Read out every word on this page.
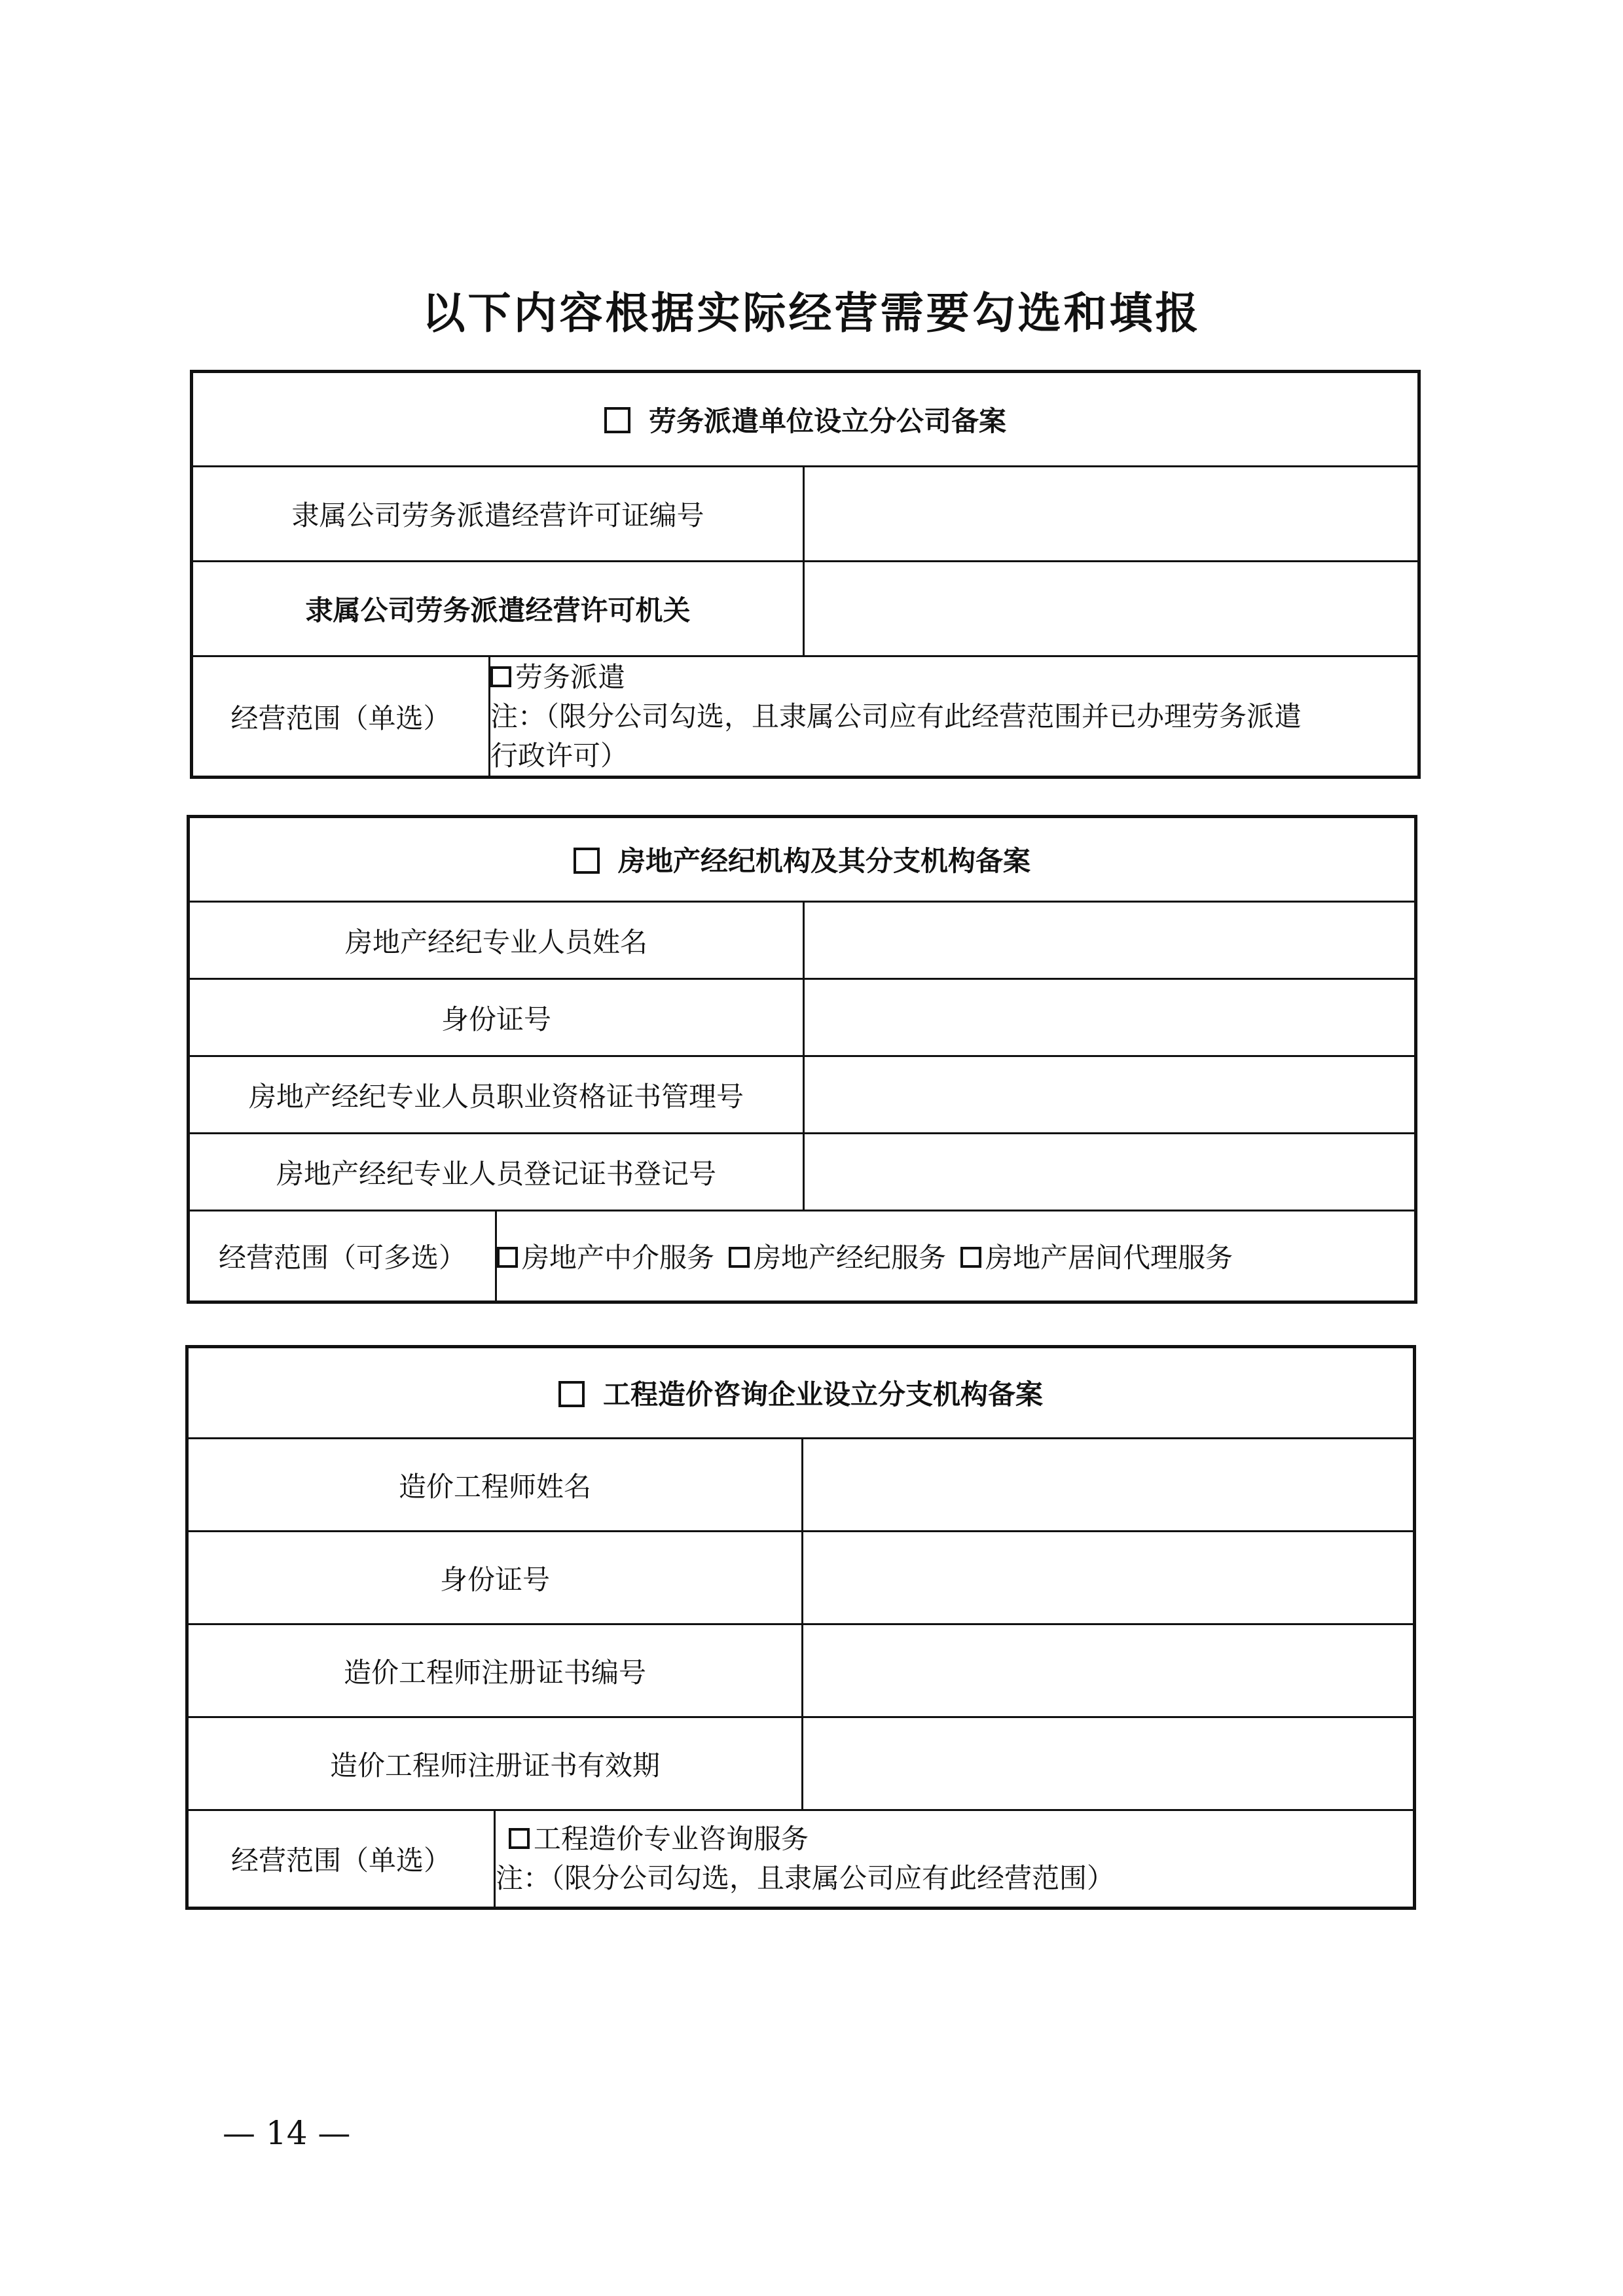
以下内容根据实际经营需要勾选和填报
劳务派遣单位设立分公司备案		
隶属公司劳务派遣经营许可证编号		
隶属公司劳务派遣经营许可机关		
经营范围（单选）	劳务派遣
注：（限分公司勾选，且隶属公司应有此经营范围并已办理劳务派遣
行政许可）	
房地产经纪机构及其分支机构备案		
房地产经纪专业人员姓名		
身份证号		
房地产经纪专业人员职业资格证书管理号		
房地产经纪专业人员登记证书登记号		
经营范围（可多选）	房地产中介服务 房地产经纪服务 房地产居间代理服务	
工程造价咨询企业设立分支机构备案		
造价工程师姓名		
身份证号		
造价工程师注册证书编号		
造价工程师注册证书有效期		
经营范围（单选）	工程造价专业咨询服务
注：（限分公司勾选，且隶属公司应有此经营范围）	
— 14 —
